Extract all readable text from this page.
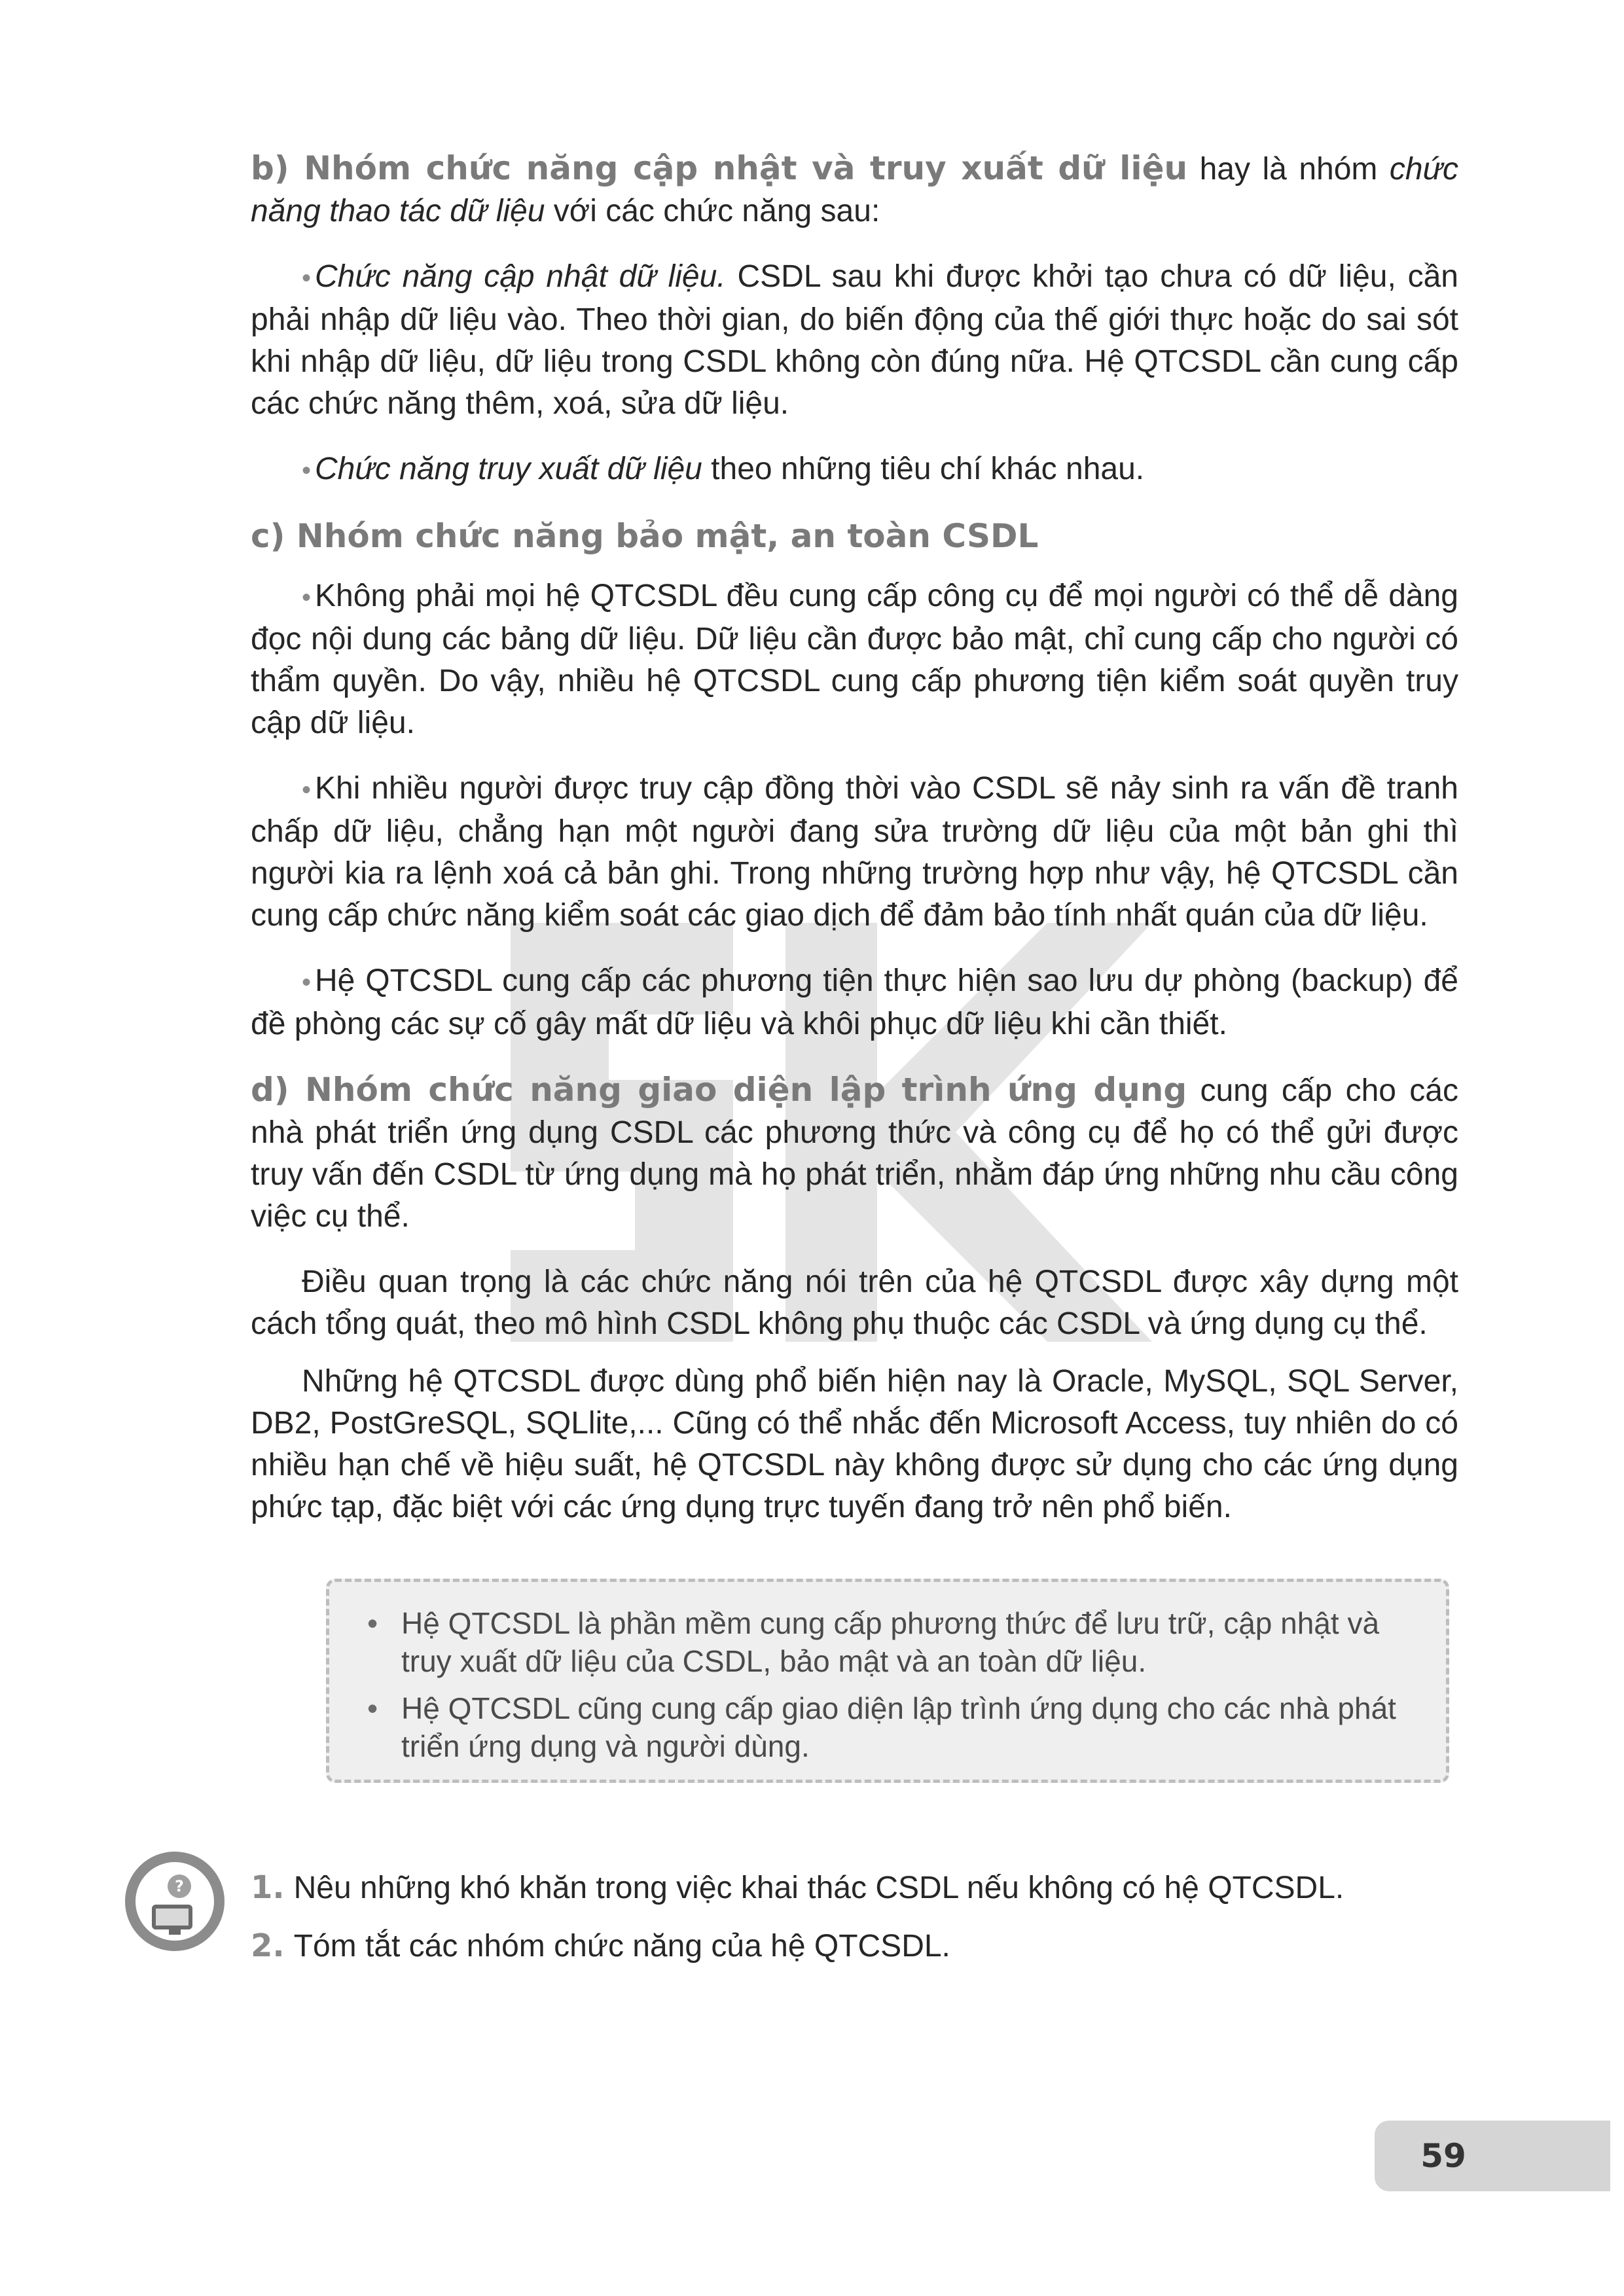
b) Nhóm chức năng cập nhật và truy xuất dữ liệu hay là nhóm chức năng thao tác dữ liệu với các chức năng sau:

• Chức năng cập nhật dữ liệu. CSDL sau khi được khởi tạo chưa có dữ liệu, cần phải nhập dữ liệu vào. Theo thời gian, do biến động của thế giới thực hoặc do sai sót khi nhập dữ liệu, dữ liệu trong CSDL không còn đúng nữa. Hệ QTCSDL cần cung cấp các chức năng thêm, xoá, sửa dữ liệu.

• Chức năng truy xuất dữ liệu theo những tiêu chí khác nhau.

c) Nhóm chức năng bảo mật, an toàn CSDL

• Không phải mọi hệ QTCSDL đều cung cấp công cụ để mọi người có thể dễ dàng đọc nội dung các bảng dữ liệu. Dữ liệu cần được bảo mật, chỉ cung cấp cho người có thẩm quyền. Do vậy, nhiều hệ QTCSDL cung cấp phương tiện kiểm soát quyền truy cập dữ liệu.

• Khi nhiều người được truy cập đồng thời vào CSDL sẽ nảy sinh ra vấn đề tranh chấp dữ liệu, chẳng hạn một người đang sửa trường dữ liệu của một bản ghi thì người kia ra lệnh xoá cả bản ghi. Trong những trường hợp như vậy, hệ QTCSDL cần cung cấp chức năng kiểm soát các giao dịch để đảm bảo tính nhất quán của dữ liệu.

• Hệ QTCSDL cung cấp các phương tiện thực hiện sao lưu dự phòng (backup) để đề phòng các sự cố gây mất dữ liệu và khôi phục dữ liệu khi cần thiết.

d) Nhóm chức năng giao diện lập trình ứng dụng cung cấp cho các nhà phát triển ứng dụng CSDL các phương thức và công cụ để họ có thể gửi được truy vấn đến CSDL từ ứng dụng mà họ phát triển, nhằm đáp ứng những nhu cầu công việc cụ thể.

Điều quan trọng là các chức năng nói trên của hệ QTCSDL được xây dựng một cách tổng quát, theo mô hình CSDL không phụ thuộc các CSDL và ứng dụng cụ thể.

Những hệ QTCSDL được dùng phổ biến hiện nay là Oracle, MySQL, SQL Server, DB2, PostGreSQL, SQLlite,... Cũng có thể nhắc đến Microsoft Access, tuy nhiên do có nhiều hạn chế về hiệu suất, hệ QTCSDL này không được sử dụng cho các ứng dụng phức tạp, đặc biệt với các ứng dụng trực tuyến đang trở nên phổ biến.

• Hệ QTCSDL là phần mềm cung cấp phương thức để lưu trữ, cập nhật và truy xuất dữ liệu của CSDL, bảo mật và an toàn dữ liệu.
• Hệ QTCSDL cũng cung cấp giao diện lập trình ứng dụng cho các nhà phát triển ứng dụng và người dùng.
? 1. Nêu những khó khăn trong việc khai thác CSDL nếu không có hệ QTCSDL.
2. Tóm tắt các nhóm chức năng của hệ QTCSDL.
59
